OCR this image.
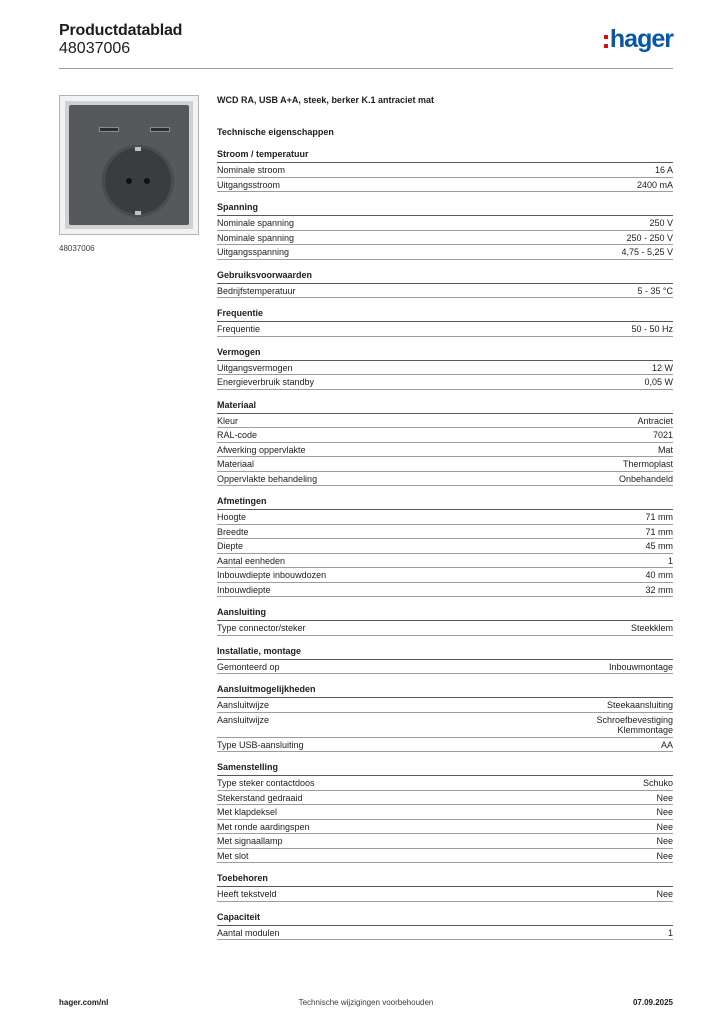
Productdatablad
48037006	hager
48037006
WCD RA, USB A+A, steek, berker K.1 antraciet mat
Technische eigenschappen
Stroom / temperatuur
Nominale stroom	16 A
Uitgangsstroom	2400 mA
Spanning
Nominale spanning	250 V
Nominale spanning	250 - 250 V
Uitgangsspanning	4,75 - 5,25 V
Gebruiksvoorwaarden
Bedrijfstemperatuur	5 - 35 °C
Frequentie
Frequentie	50 - 50 Hz
Vermogen
Uitgangsvermogen	12 W
Energieverbruik standby	0,05 W
Materiaal
Kleur	Antraciet
RAL-code	7021
Afwerking oppervlakte	Mat
Materiaal	Thermoplast
Oppervlakte behandeling	Onbehandeld
Afmetingen
Hoogte	71 mm
Breedte	71 mm
Diepte	45 mm
Aantal eenheden	1
Inbouwdiepte inbouwdozen	40 mm
Inbouwdiepte	32 mm
Aansluiting
Type connector/steker	Steekklem
Installatie, montage
Gemonteerd op	Inbouwmontage
Aansluitmogelijkheden
Aansluitwijze	Steekaansluiting
Aansluitwijze	Schroefbevestiging
Klemmontage
Type USB-aansluiting	AA
Samenstelling
Type steker contactdoos	Schuko
Stekerstand gedraaid	Nee
Met klapdeksel	Nee
Met ronde aardingspen	Nee
Met signaallamp	Nee
Met slot	Nee
Toebehoren
Heeft tekstveld	Nee
Capaciteit
Aantal modulen	1
hager.com/nl	Technische wijzigingen voorbehouden	07.09.2025
